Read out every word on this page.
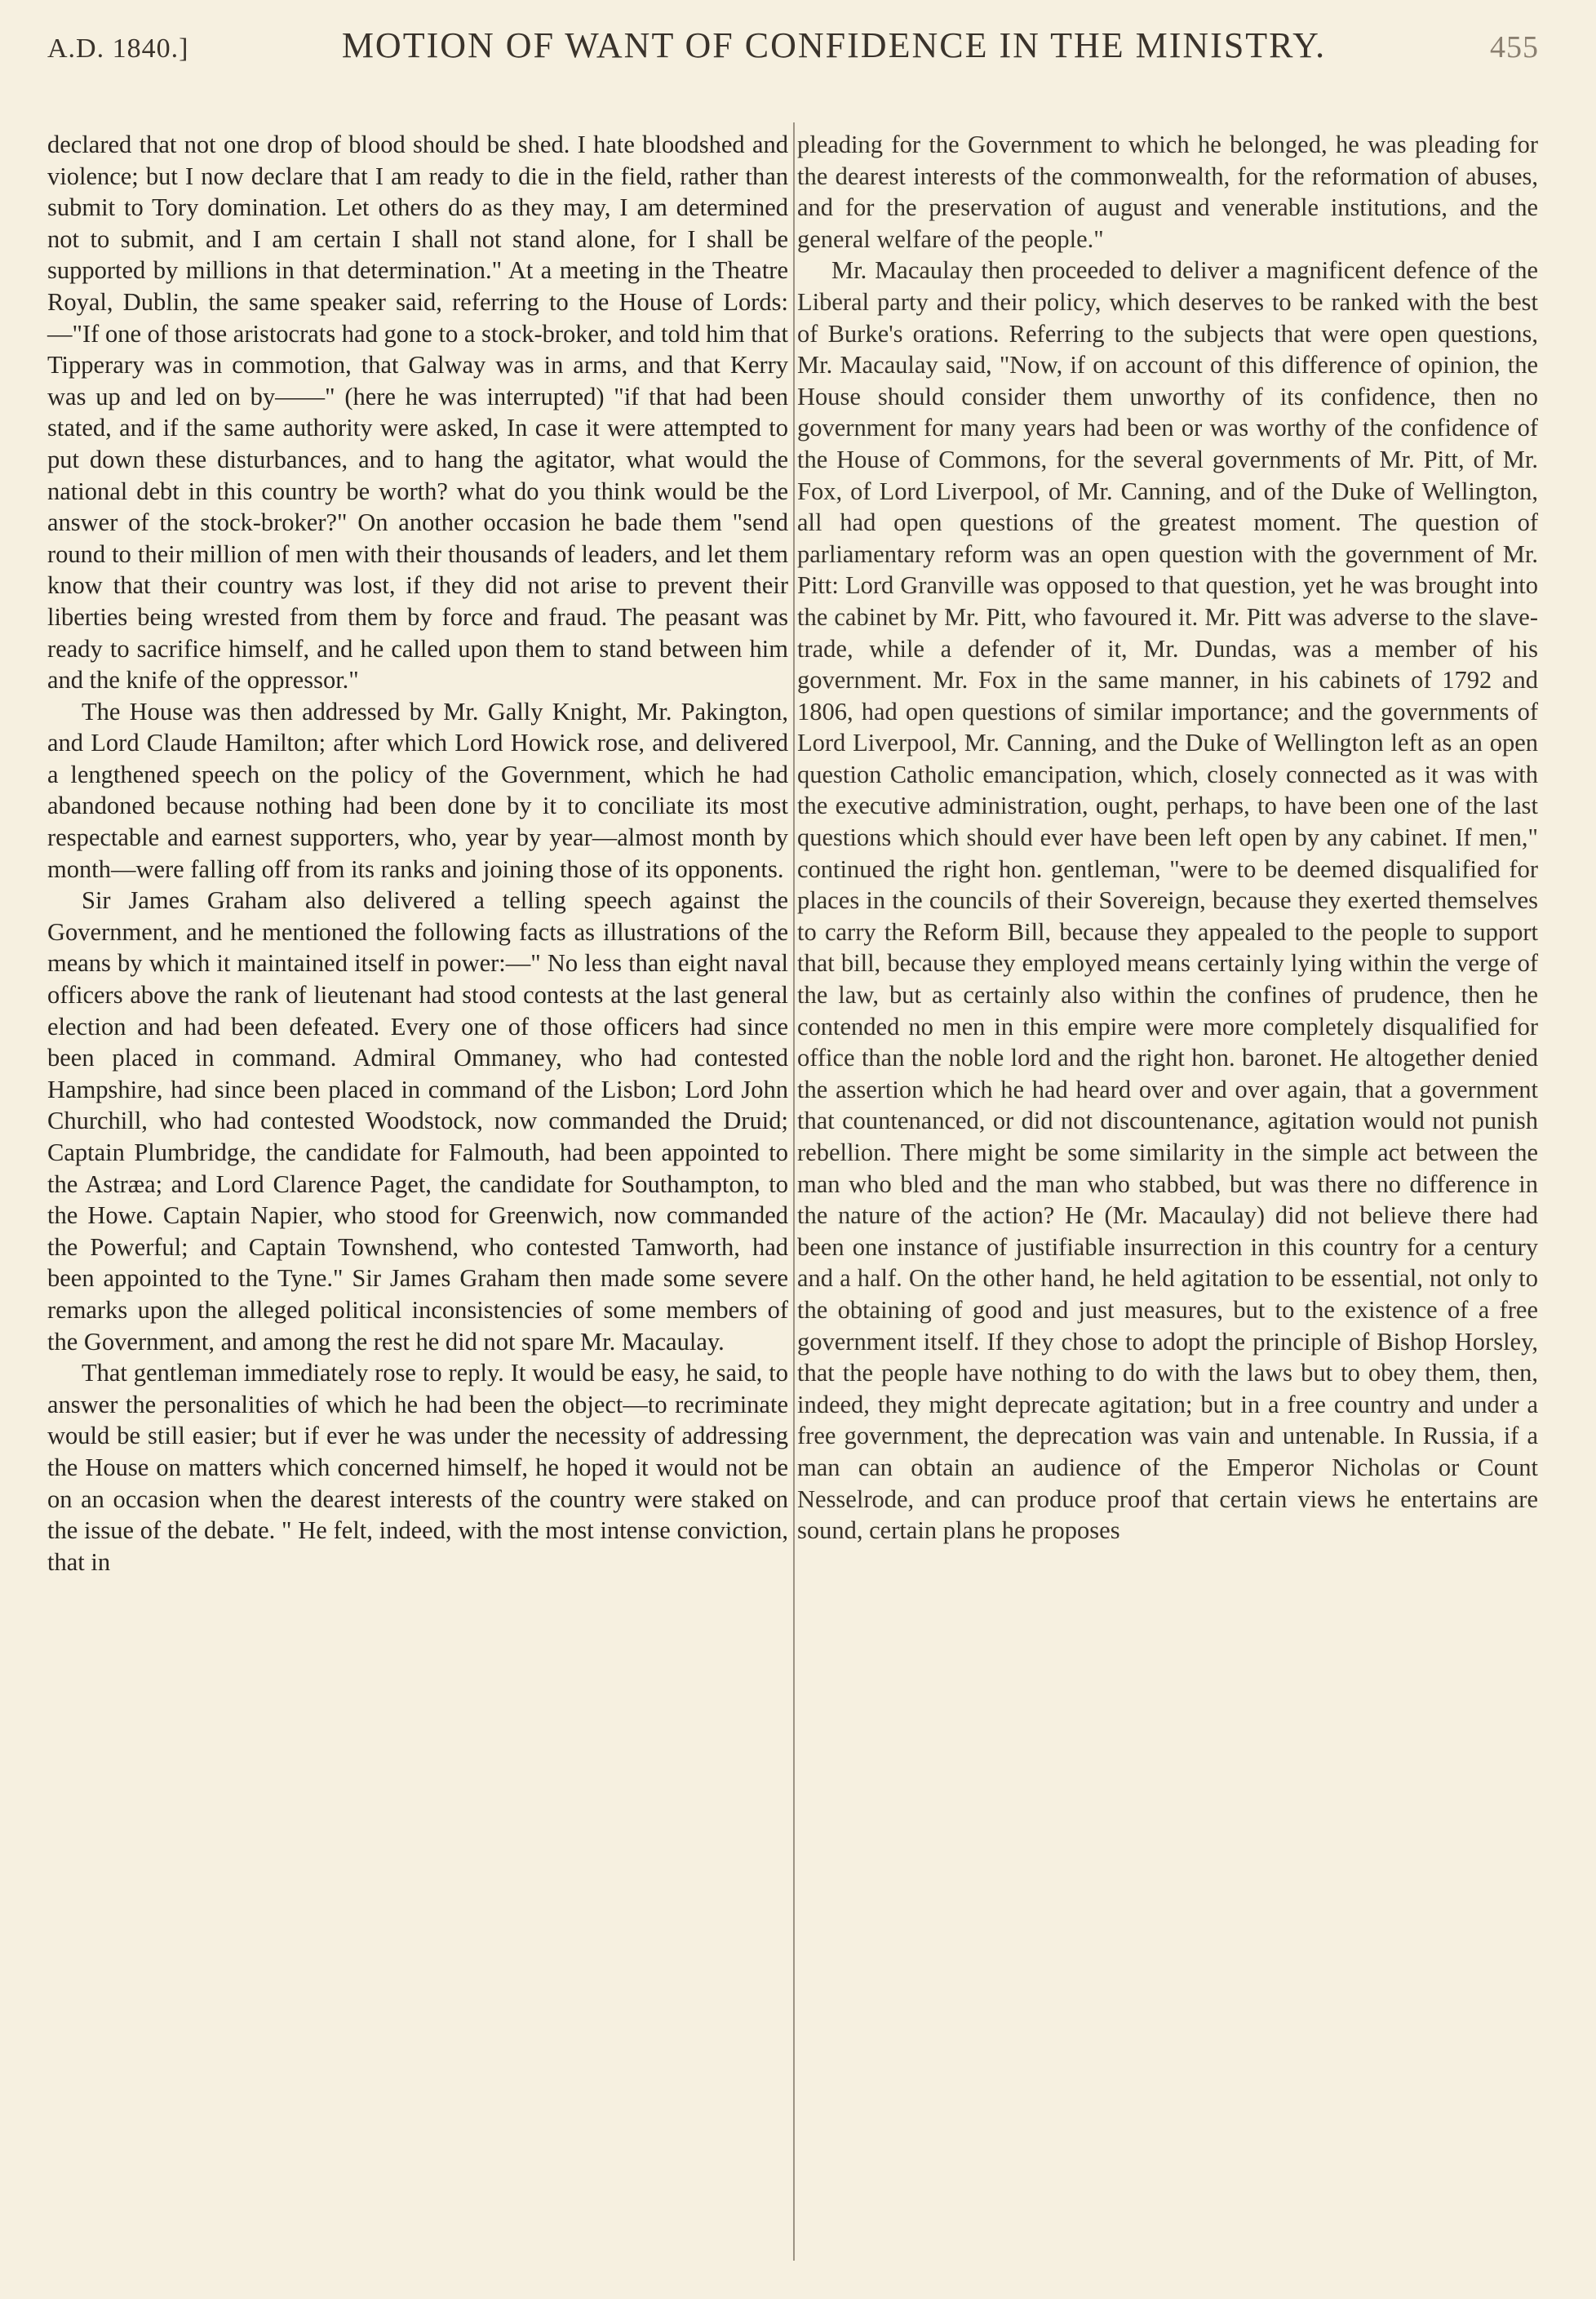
A.D. 1840.]	MOTION OF WANT OF CONFIDENCE IN THE MINISTRY.	455

declared that not one drop of blood should be shed. I hate bloodshed and violence; but I now declare that I am ready to die in the field, rather than submit to Tory domination. Let others do as they may, I am determined not to submit, and I am certain I shall not stand alone, for I shall be supported by millions in that determination." At a meeting in the Theatre Royal, Dublin, the same speaker said, referring to the House of Lords: —"If one of those aristocrats had gone to a stock-broker, and told him that Tipperary was in commotion, that Galway was in arms, and that Kerry was up and led on by——" (here he was interrupted) "if that had been stated, and if the same authority were asked, In case it were attempted to put down these disturbances, and to hang the agitator, what would the national debt in this country be worth? what do you think would be the answer of the stock-broker?" On another occasion he bade them "send round to their million of men with their thousands of leaders, and let them know that their country was lost, if they did not arise to prevent their liberties being wrested from them by force and fraud. The peasant was ready to sacrifice himself, and he called upon them to stand between him and the knife of the oppressor."

The House was then addressed by Mr. Gally Knight, Mr. Pakington, and Lord Claude Hamilton; after which Lord Howick rose, and delivered a lengthened speech on the policy of the Government, which he had abandoned because nothing had been done by it to conciliate its most respectable and earnest supporters, who, year by year—almost month by month—were falling off from its ranks and joining those of its opponents.

Sir James Graham also delivered a telling speech against the Government, and he mentioned the following facts as illustrations of the means by which it maintained itself in power:—" No less than eight naval officers above the rank of lieutenant had stood contests at the last general election and had been defeated. Every one of those officers had since been placed in command. Admiral Ommaney, who had contested Hampshire, had since been placed in command of the Lisbon; Lord John Churchill, who had contested Woodstock, now commanded the Druid; Captain Plumbridge, the candidate for Falmouth, had been appointed to the Astræa; and Lord Clarence Paget, the candidate for Southampton, to the Howe. Captain Napier, who stood for Greenwich, now commanded the Powerful; and Captain Townshend, who contested Tamworth, had been appointed to the Tyne." Sir James Graham then made some severe remarks upon the alleged political inconsistencies of some members of the Government, and among the rest he did not spare Mr. Macaulay.

That gentleman immediately rose to reply. It would be easy, he said, to answer the personalities of which he had been the object—to recriminate would be still easier; but if ever he was under the necessity of addressing the House on matters which concerned himself, he hoped it would not be on an occasion when the dearest interests of the country were staked on the issue of the debate. " He felt, indeed, with the most intense conviction, that in

pleading for the Government to which he belonged, he was pleading for the dearest interests of the commonwealth, for the reformation of abuses, and for the preservation of august and venerable institutions, and the general welfare of the people."

Mr. Macaulay then proceeded to deliver a magnificent defence of the Liberal party and their policy, which deserves to be ranked with the best of Burke's orations. Referring to the subjects that were open questions, Mr. Macaulay said, "Now, if on account of this difference of opinion, the House should consider them unworthy of its confidence, then no government for many years had been or was worthy of the confidence of the House of Commons, for the several governments of Mr. Pitt, of Mr. Fox, of Lord Liverpool, of Mr. Canning, and of the Duke of Wellington, all had open questions of the greatest moment. The question of parliamentary reform was an open question with the government of Mr. Pitt: Lord Granville was opposed to that question, yet he was brought into the cabinet by Mr. Pitt, who favoured it. Mr. Pitt was adverse to the slave-trade, while a defender of it, Mr. Dundas, was a member of his government. Mr. Fox in the same manner, in his cabinets of 1792 and 1806, had open questions of similar importance; and the governments of Lord Liverpool, Mr. Canning, and the Duke of Wellington left as an open question Catholic emancipation, which, closely connected as it was with the executive administration, ought, perhaps, to have been one of the last questions which should ever have been left open by any cabinet. If men," continued the right hon. gentleman, "were to be deemed disqualified for places in the councils of their Sovereign, because they exerted themselves to carry the Reform Bill, because they appealed to the people to support that bill, because they employed means certainly lying within the verge of the law, but as certainly also within the confines of prudence, then he contended no men in this empire were more completely disqualified for office than the noble lord and the right hon. baronet. He altogether denied the assertion which he had heard over and over again, that a government that countenanced, or did not discountenance, agitation would not punish rebellion. There might be some similarity in the simple act between the man who bled and the man who stabbed, but was there no difference in the nature of the action? He (Mr. Macaulay) did not believe there had been one instance of justifiable insurrection in this country for a century and a half. On the other hand, he held agitation to be essential, not only to the obtaining of good and just measures, but to the existence of a free government itself. If they chose to adopt the principle of Bishop Horsley, that the people have nothing to do with the laws but to obey them, then, indeed, they might deprecate agitation; but in a free country and under a free government, the deprecation was vain and untenable. In Russia, if a man can obtain an audience of the Emperor Nicholas or Count Nesselrode, and can produce proof that certain views he entertains are sound, certain plans he proposes
